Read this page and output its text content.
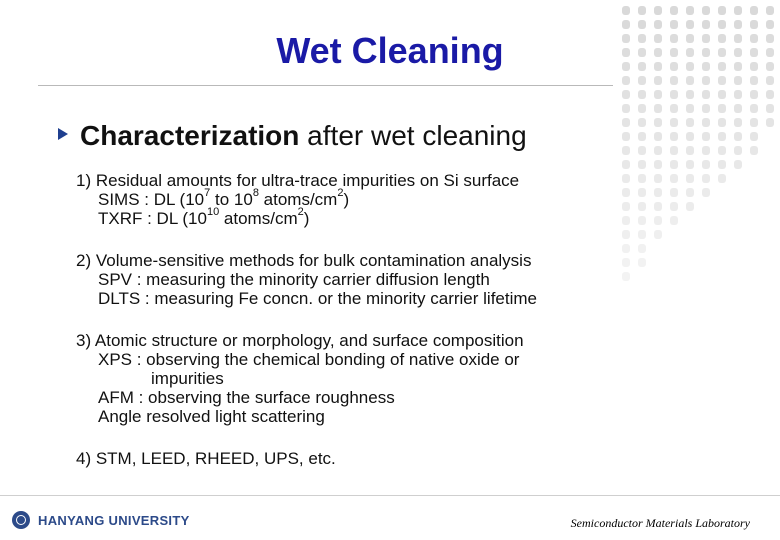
Wet Cleaning
Characterization after wet cleaning
1) Residual amounts for ultra-trace impurities on Si surface
SIMS : DL ($10^7$ to $10^8$ atoms/$cm^2$)
TXRF : DL ($10^{10}$ atoms/$cm^2$)
2) Volume-sensitive methods for bulk contamination analysis
SPV : measuring the minority carrier diffusion length
DLTS : measuring Fe concn. or the minority carrier lifetime
3) Atomic structure or morphology, and surface composition
XPS : observing the chemical bonding of native oxide or
impurities
AFM : observing the surface roughness
Angle resolved light scattering
4) STM, LEED, RHEED, UPS, etc.
HANYANG UNIVERSITY	Semiconductor Materials Laboratory
